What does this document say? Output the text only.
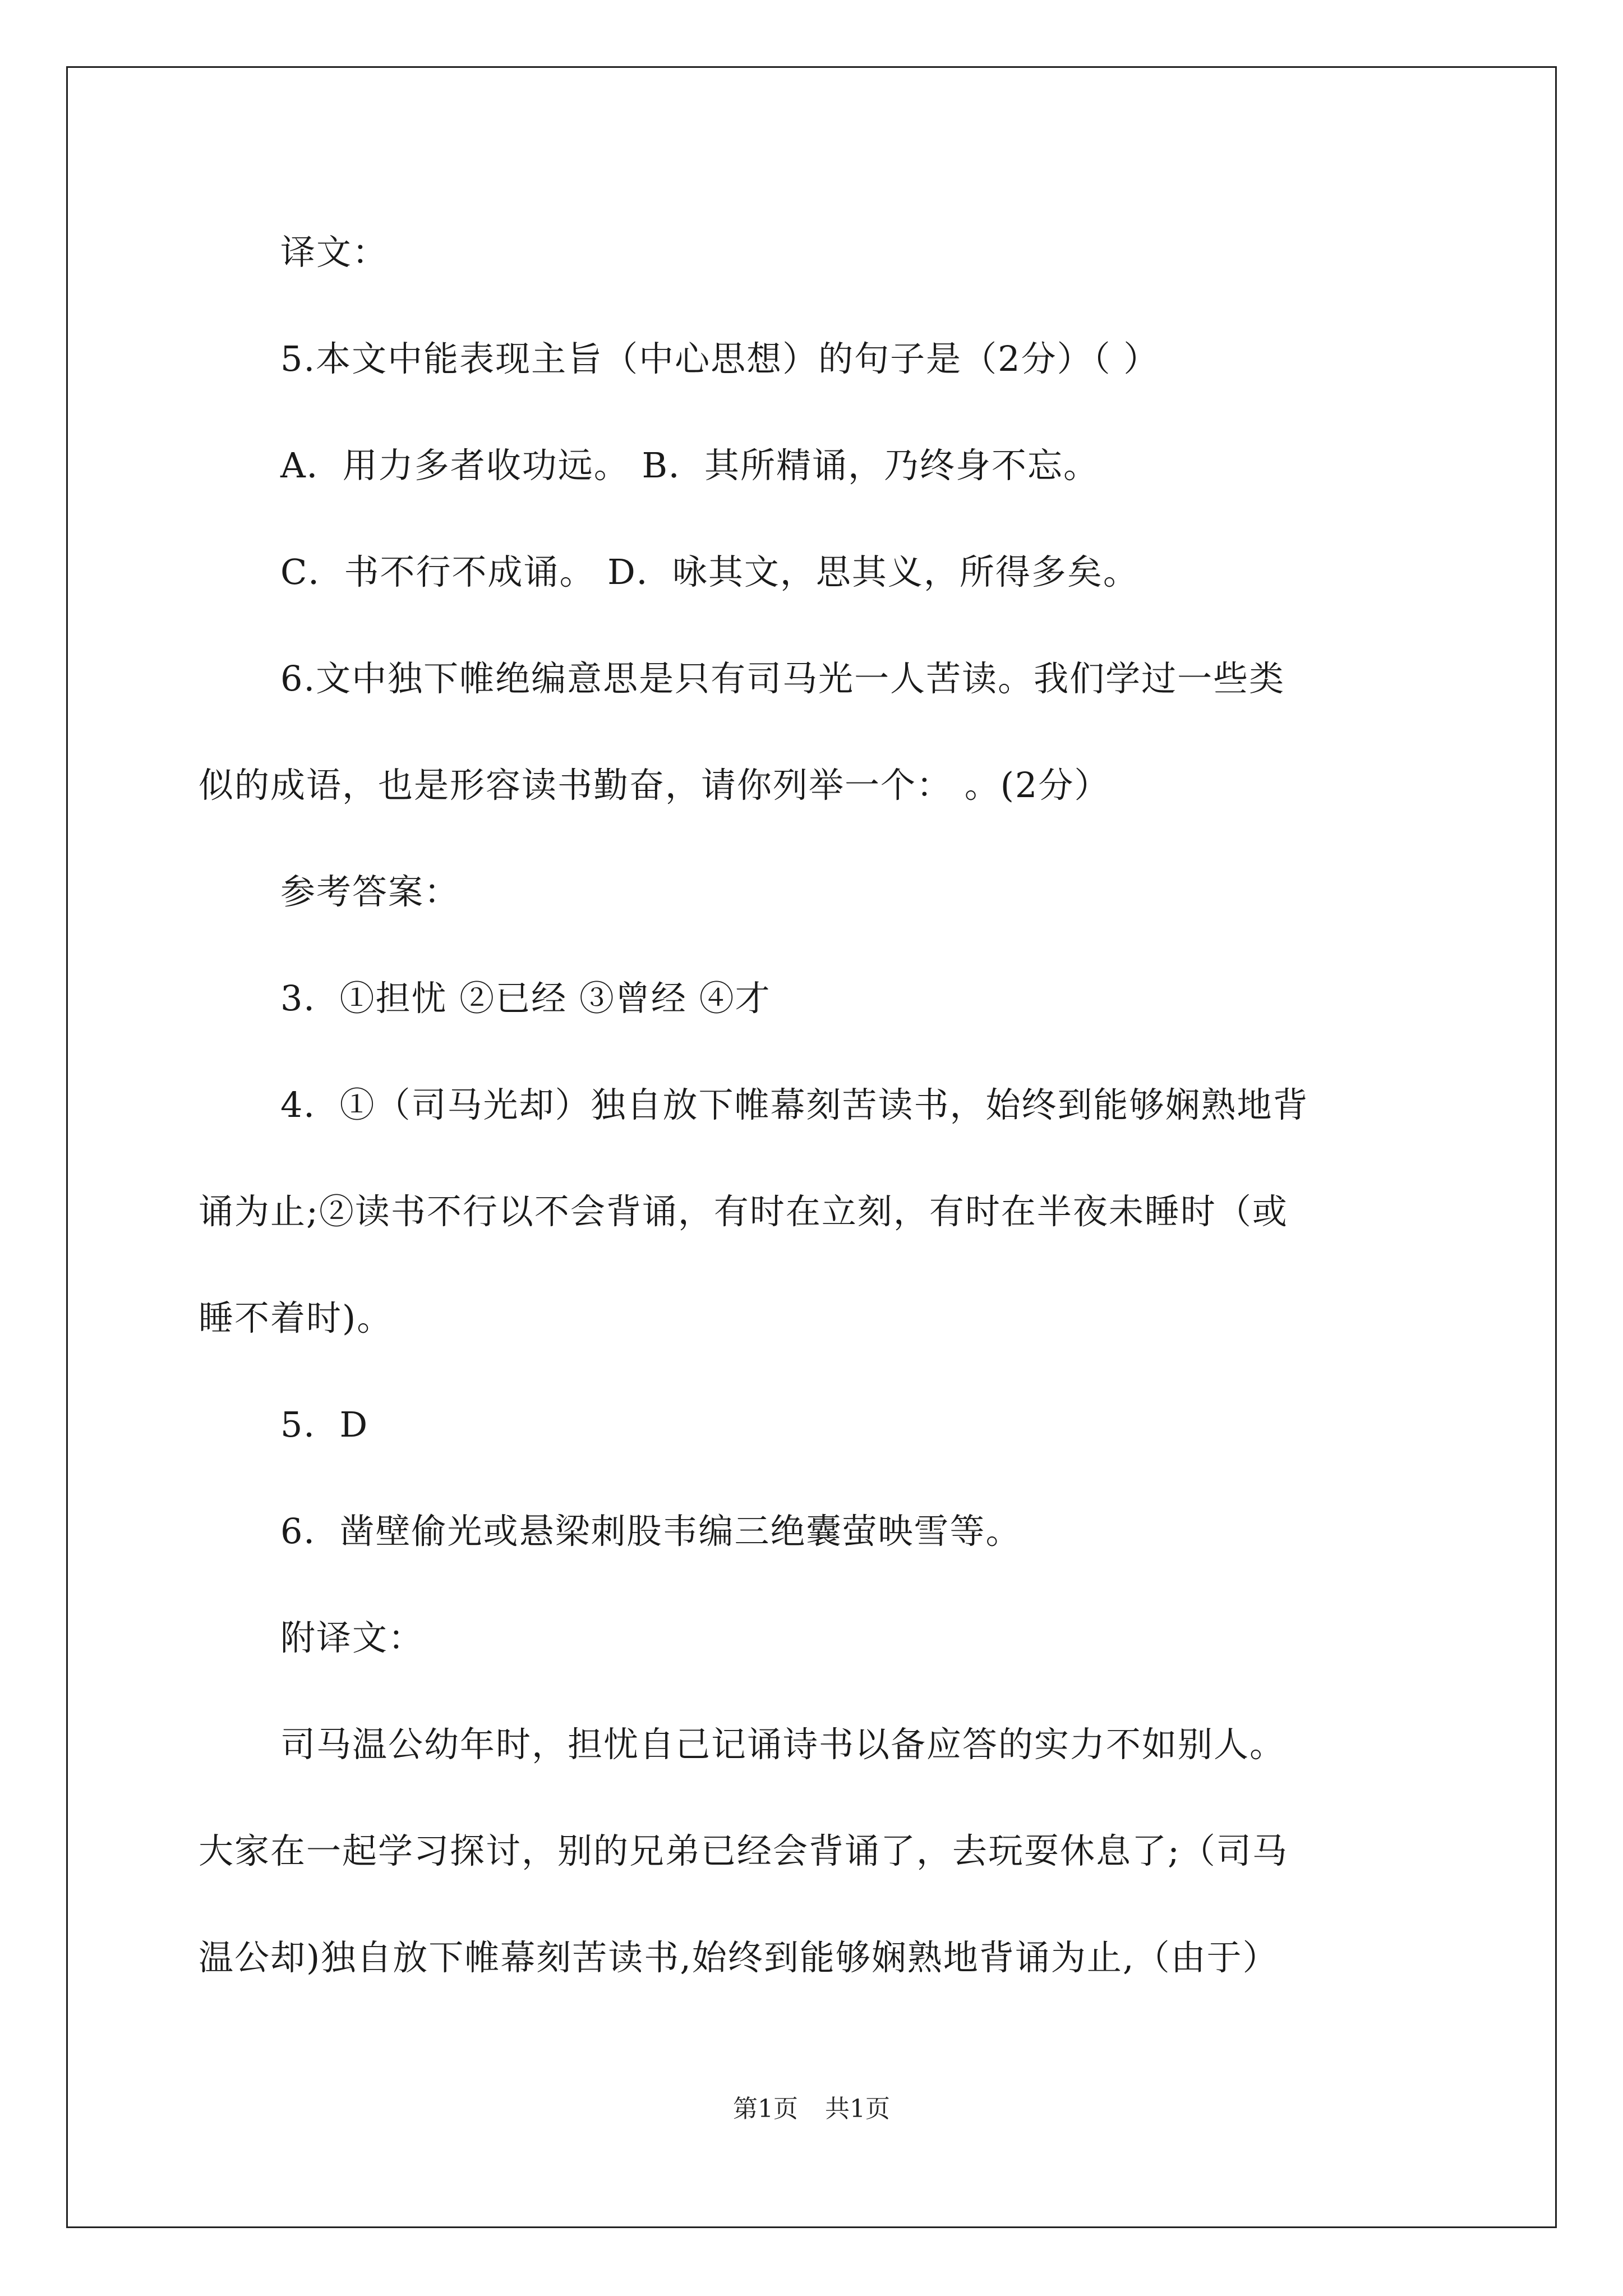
译文：
5.本文中能表现主旨（中心思想）的句子是（2分）（ ）
A．用力多者收功远。 B．其所精诵，乃终身不忘。
C．书不行不成诵。 D．咏其文，思其义，所得多矣。
6.文中独下帷绝编意思是只有司马光一人苦读。我们学过一些类
似的成语，也是形容读书勤奋，请你列举一个： 。(2分）
参考答案：
3．①担忧 ②已经 ③曾经 ④才
4．①（司马光却）独自放下帷幕刻苦读书，始终到能够娴熟地背
诵为止;②读书不行以不会背诵，有时在立刻，有时在半夜未睡时（或
睡不着时)。
5．D
6．凿壁偷光或悬梁刺股韦编三绝囊萤映雪等。
附译文：
司马温公幼年时，担忧自己记诵诗书以备应答的实力不如别人。
大家在一起学习探讨，别的兄弟已经会背诵了，去玩耍休息了;（司马
温公却)独自放下帷幕刻苦读书,始终到能够娴熟地背诵为止,（由于）
第1页 共1页
